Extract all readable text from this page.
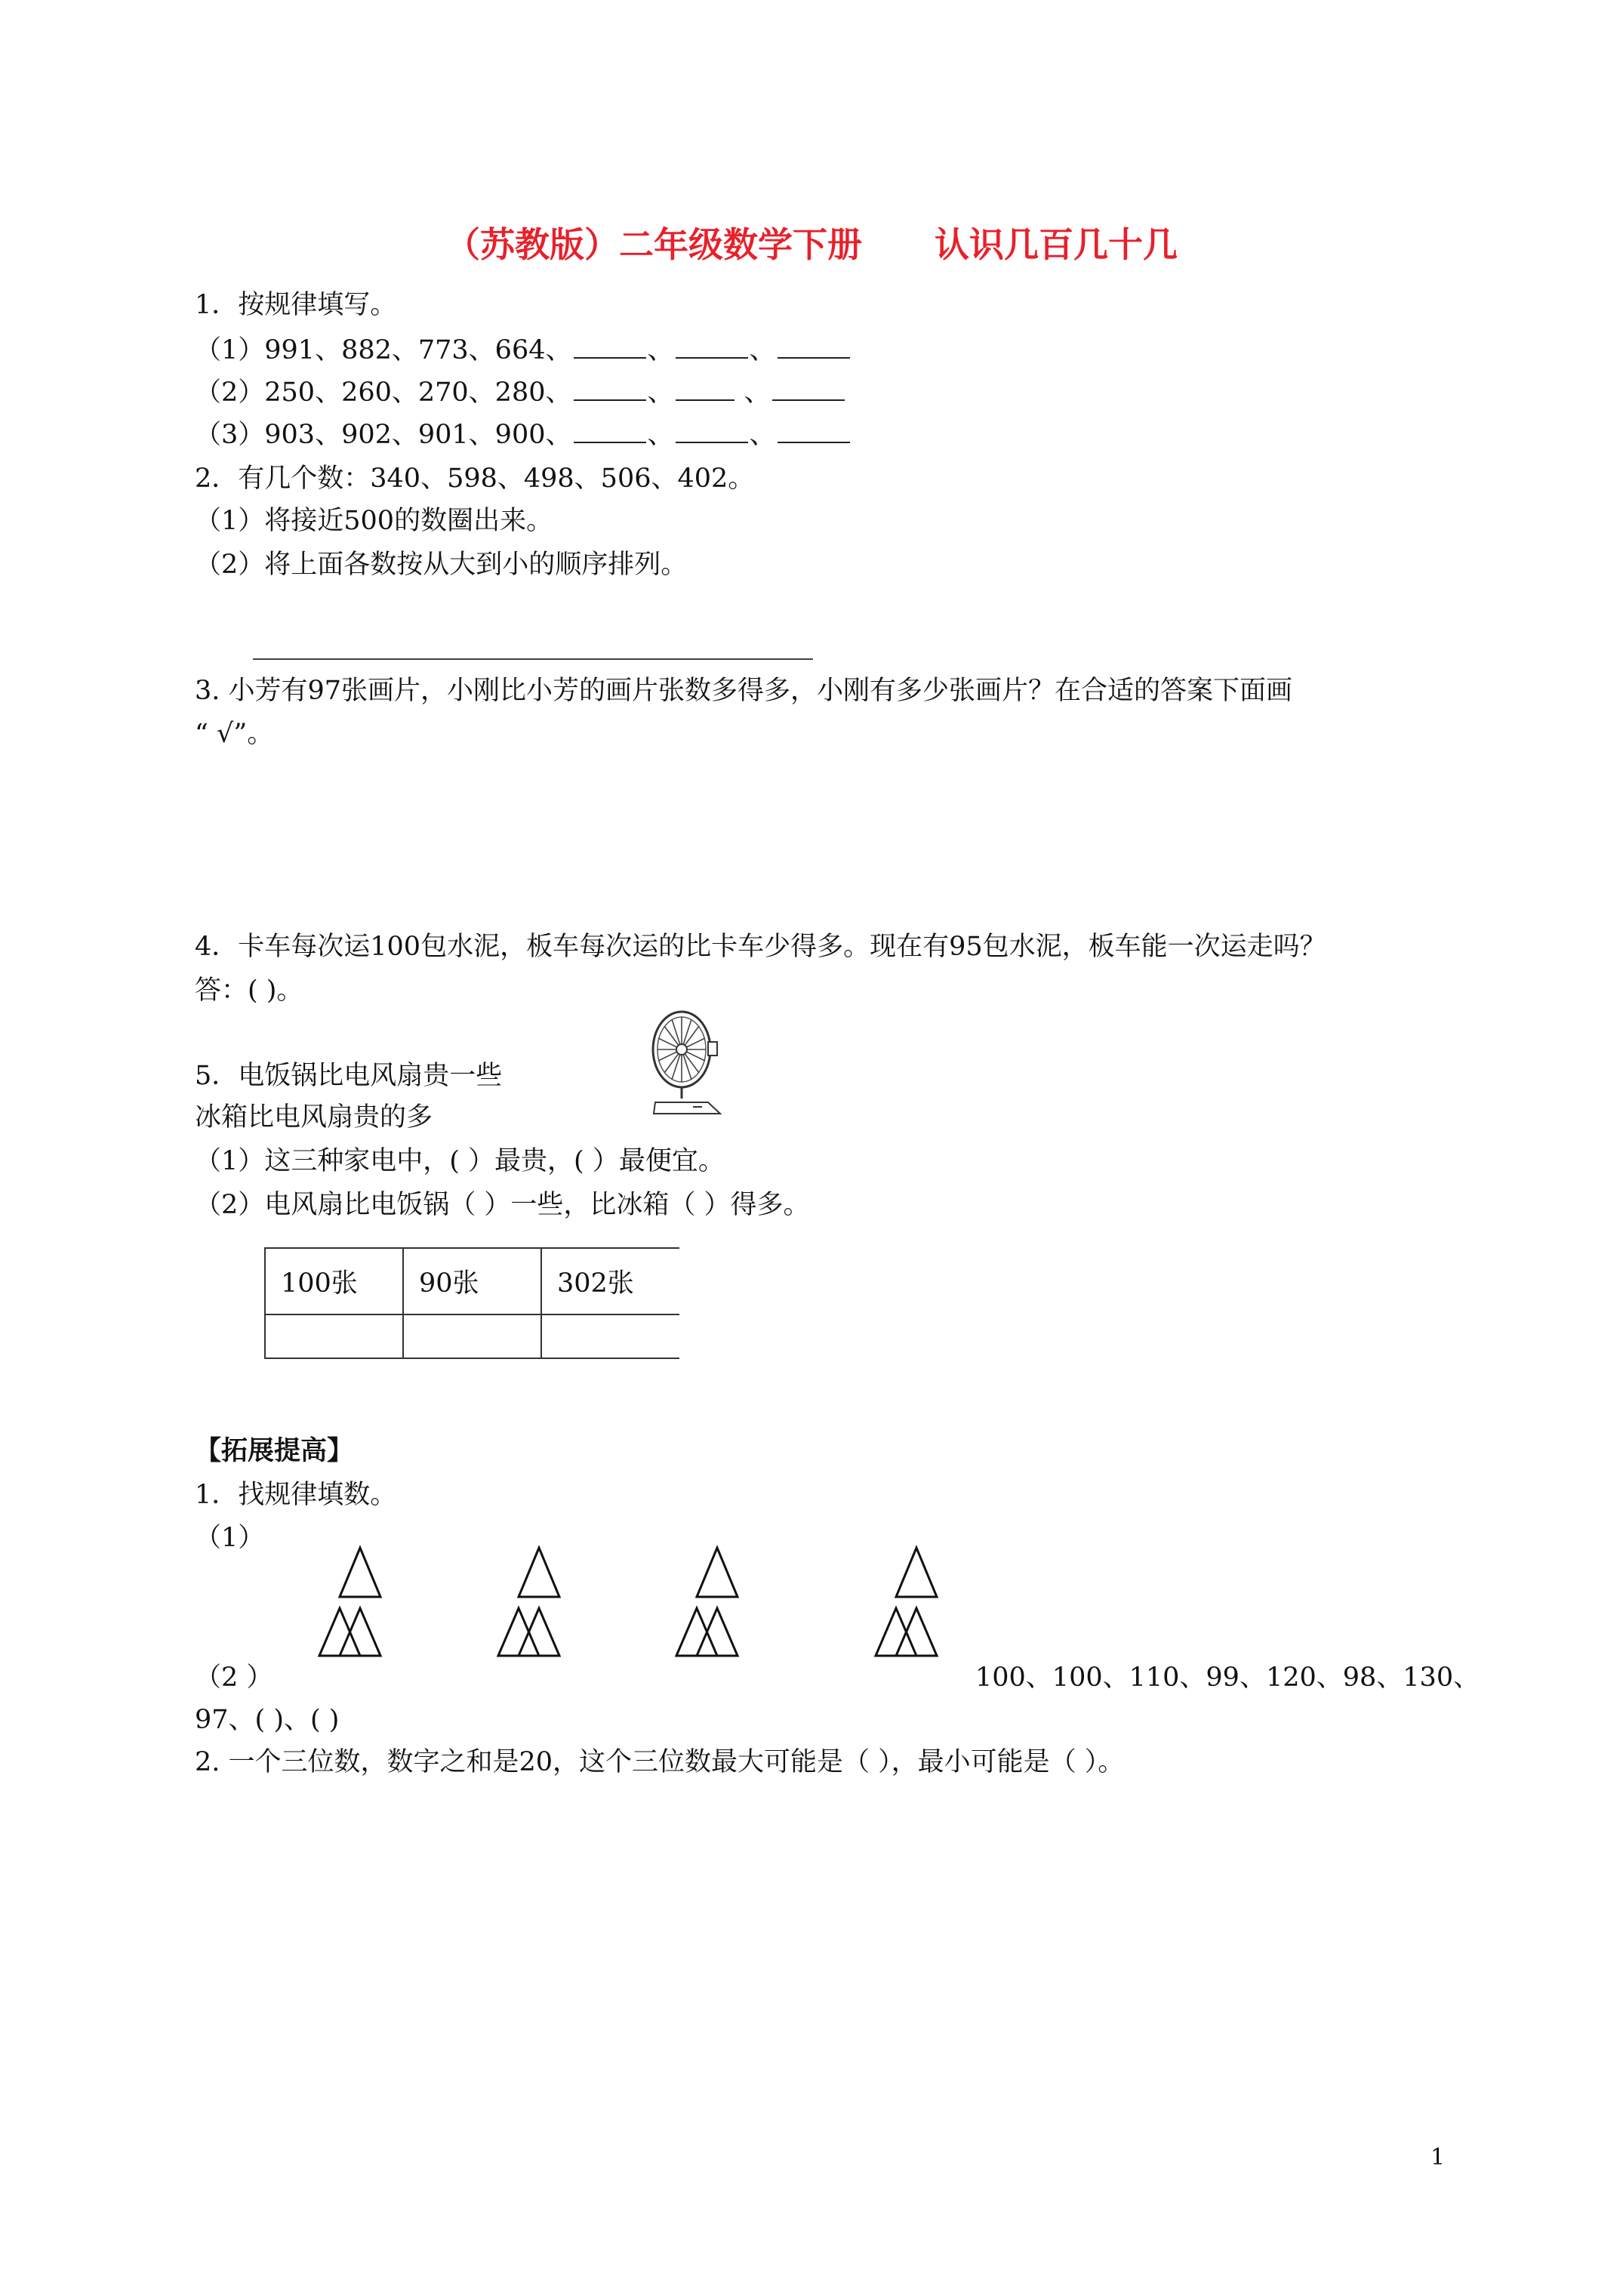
（苏教版）二年级数学下册      认识几百几十几
1．按规律填写。
（1）991、882、773、664、	、	、
（2）250、260、270、280、	、 、
（3）903、902、901、900、	、	、
2．有几个数：340、598、498、506、402。
（1）将接近500的数圈出来。
（2）将上面各数按从大到小的顺序排列。
3. 小芳有97张画片，小刚比小芳的画片张数多得多，小刚有多少张画片？在合适的答案下面画
“ √”。
4．卡车每次运100包水泥，板车每次运的比卡车少得多。现在有95包水泥，板车能一次运走吗？
答：( )。
5．电饭锅比电风扇贵一些
冰箱比电风扇贵的多
（1）这三种家电中，( ）最贵，( ）最便宜。
（2）电风扇比电饭锅（ ）一些，比冰箱（ ）得多。
100张	90张	302张

【拓展提高】
1．找规律填数。
（1）
（2 ）	100、100、110、99、120、98、130、
97、( )、( )
2. 一个三位数，数字之和是20，这个三位数最大可能是（ ），最小可能是（ ）。
1
